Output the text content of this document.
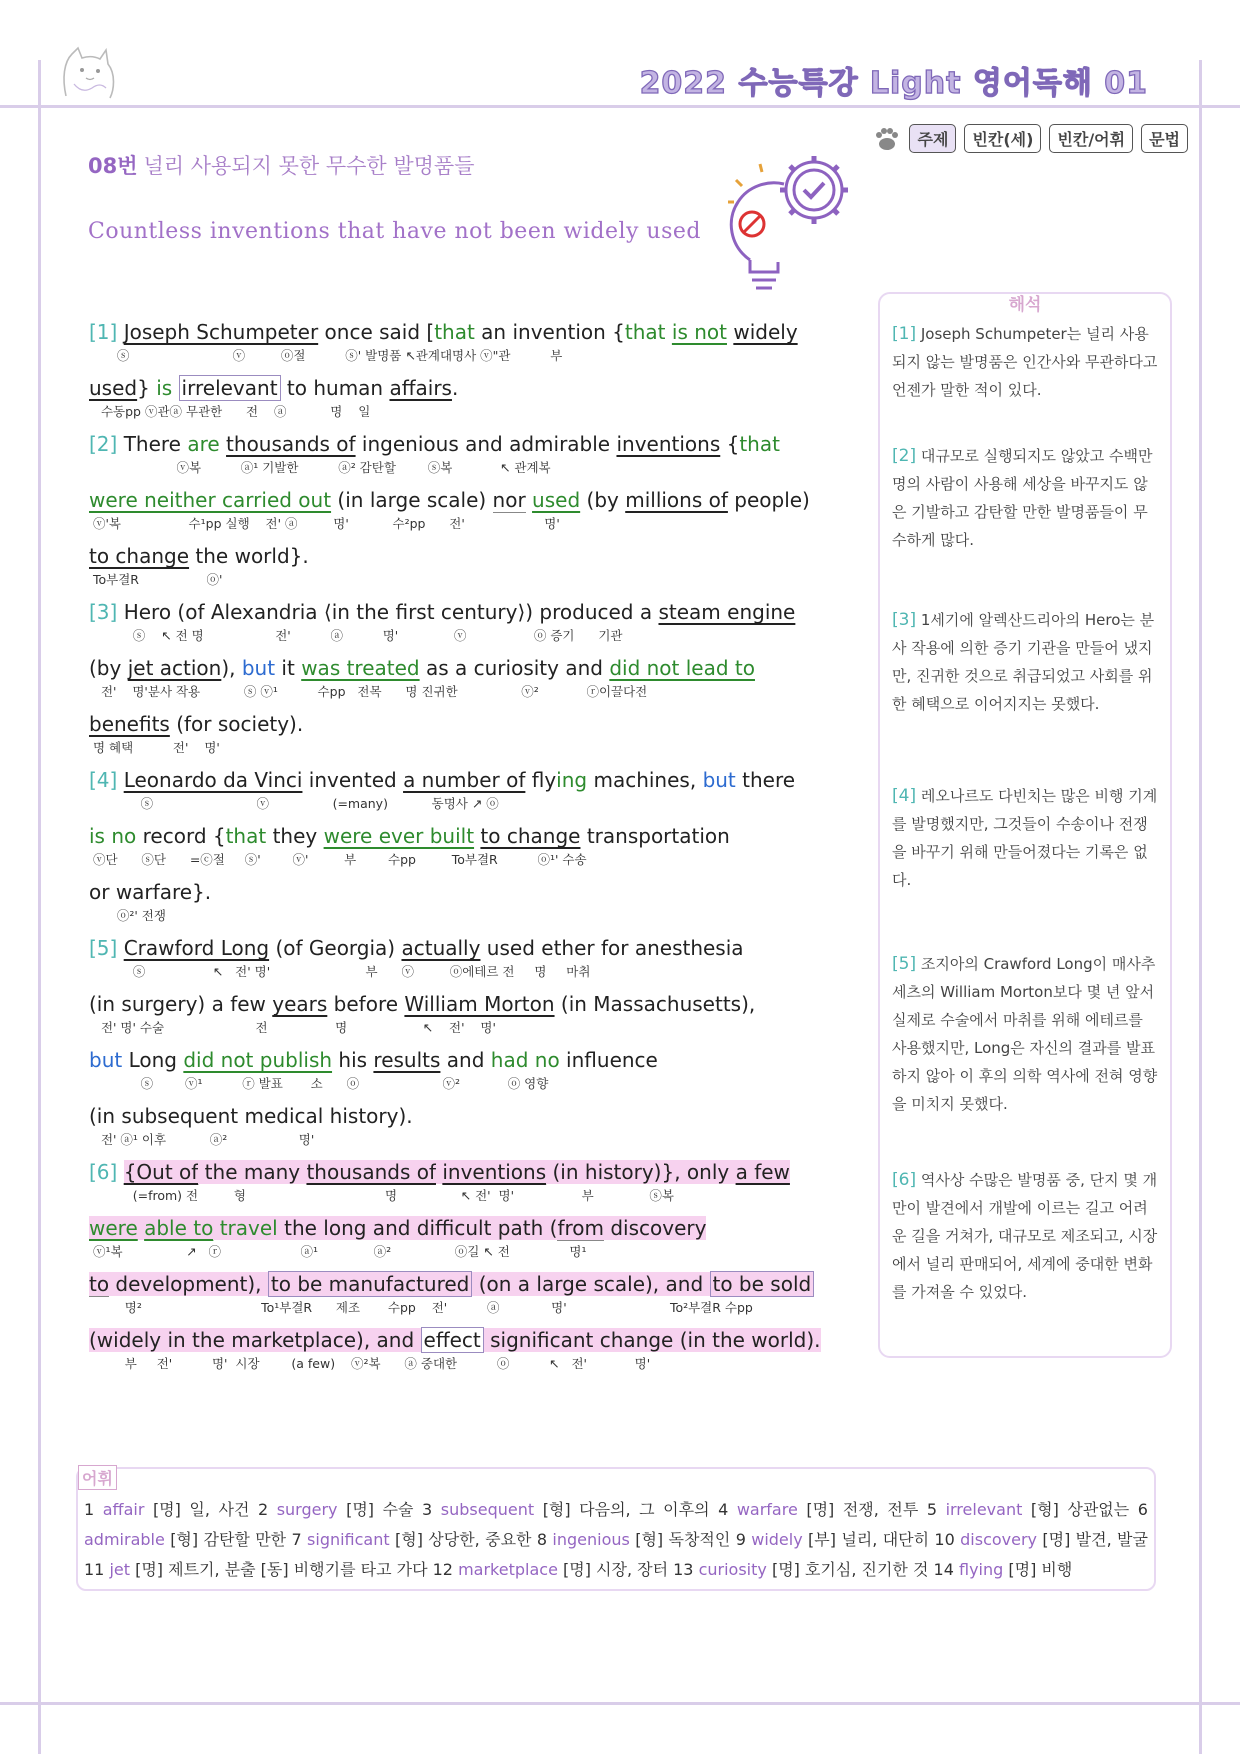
2022 수능특강 Light 영어독해 01
주제	빈칸(세)	빈칸/어휘	문법
08번 널리 사용되지 못한 무수한 발명품들
Countless inventions that have not been widely used
[1] Joseph Schumpeter once said [that an invention {that is not widely
ⓢ                          ⓥ         ⓞ절          ⓢ' 발명품 ↖관계대명사 ⓥ"관          부
used} is irrelevant to human affairs.
수동pp ⓥ관ⓐ 무관한      전    ⓐ           명    일
[2] There are thousands of ingenious and admirable inventions {that
ⓥ복          ⓐ¹ 기발한          ⓐ² 감탄할        ⓢ복            ↖ 관계복
were neither carried out (in large scale) nor used (by millions of people)
ⓥ'복                 수¹pp 실행    전' ⓐ         명'           수²pp      전'                    명'
to change the world}.
To부결R                 ⓞ'
[3] Hero (of Alexandria ⟨in the first century⟩) produced a steam engine
ⓢ    ↖ 전 명                  전'          ⓐ          명'              ⓥ                 ⓞ 증기      기관
(by jet action), but it was treated as a curiosity and did not lead to
전'    명'분사 작용           ⓢ ⓥ¹          수pp   전목      명 진귀한                ⓥ²            ⓡ이끌다전
benefits (for society).
명 혜택          전'    명'
[4] Leonardo da Vinci invented a number of flying machines, but there
ⓢ                          ⓥ                (=many)           동명사 ↗ ⓞ
is no record {that they were ever built to change transportation
ⓥ단      ⓢ단      =ⓒ절     ⓢ'        ⓥ'         부        수pp         To부결R          ⓞ¹' 수송
or warfare}.
ⓞ²' 전쟁
[5] Crawford Long (of Georgia) actually used ether for anesthesia
ⓢ                 ↖   전' 명'                        부      ⓥ         ⓞ에테르 전     명     마취
(in surgery) a few years before William Morton (in Massachusetts),
전' 명' 수술                       전                 명                   ↖    전'    명'
but Long did not publish his results and had no influence
ⓢ        ⓥ¹          ⓡ 발표       소      ⓞ                     ⓥ²            ⓞ 영향
(in subsequent medical history).
전' ⓐ¹ 이후           ⓐ²                  명'
[6] {Out of the many thousands of inventions (in history)}, only a few
(=from) 전         형                                   명                ↖ 전'  명'                 부              ⓢ복
were able to travel the long and difficult path (from discovery
ⓥ¹복                ↗   ⓡ                    ⓐ¹              ⓐ²                ⓞ길 ↖ 전               명¹
to development), to be manufactured (on a large scale), and to be sold
명²                              To¹부결R      제조       수pp    전'          ⓐ             명'                          To²부결R 수pp
(widely in the marketplace), and effect significant change (in the world).
부     전'          명'  시장        (a few)    ⓥ²복      ⓐ 중대한          ⓞ          ↖   전'            명'
해석
[1] Joseph Schumpeter는 널리 사용되지 않는 발명품은 인간사와 무관하다고 언젠가 말한 적이 있다.
[2] 대규모로 실행되지도 않았고 수백만 명의 사람이 사용해 세상을 바꾸지도 않은 기발하고 감탄할 만한 발명품들이 무수하게 많다.
[3] 1세기에 알렉산드리아의 Hero는 분사 작용에 의한 증기 기관을 만들어 냈지만, 진귀한 것으로 취급되었고 사회를 위한 혜택으로 이어지지는 못했다.
[4] 레오나르도 다빈치는 많은 비행 기계를 발명했지만, 그것들이 수송이나 전쟁을 바꾸기 위해 만들어졌다는 기록은 없다.
[5] 조지아의 Crawford Long이 매사추세츠의 William Morton보다 몇 년 앞서 실제로 수술에서 마취를 위해 에테르를 사용했지만, Long은 자신의 결과를 발표하지 않아 이 후의 의학 역사에 전혀 영향을 미치지 못했다.
[6] 역사상 수많은 발명품 중, 단지 몇 개만이 발견에서 개발에 이르는 길고 어려운 길을 거쳐가, 대규모로 제조되고, 시장에서 널리 판매되어, 세계에 중대한 변화를 가져올 수 있었다.
어휘
1 affair [명] 일, 사건 2 surgery [명] 수술 3 subsequent [형] 다음의, 그 이후의 4 warfare [명] 전쟁, 전투 5 irrelevant [형] 상관없는 6 admirable [형] 감탄할 만한 7 significant [형] 상당한, 중요한 8 ingenious [형] 독창적인 9 widely [부] 널리, 대단히 10 discovery [명] 발견, 발굴 11 jet [명] 제트기, 분출 [동] 비행기를 타고 가다 12 marketplace [명] 시장, 장터 13 curiosity [명] 호기심, 진기한 것 14 flying [명] 비행
